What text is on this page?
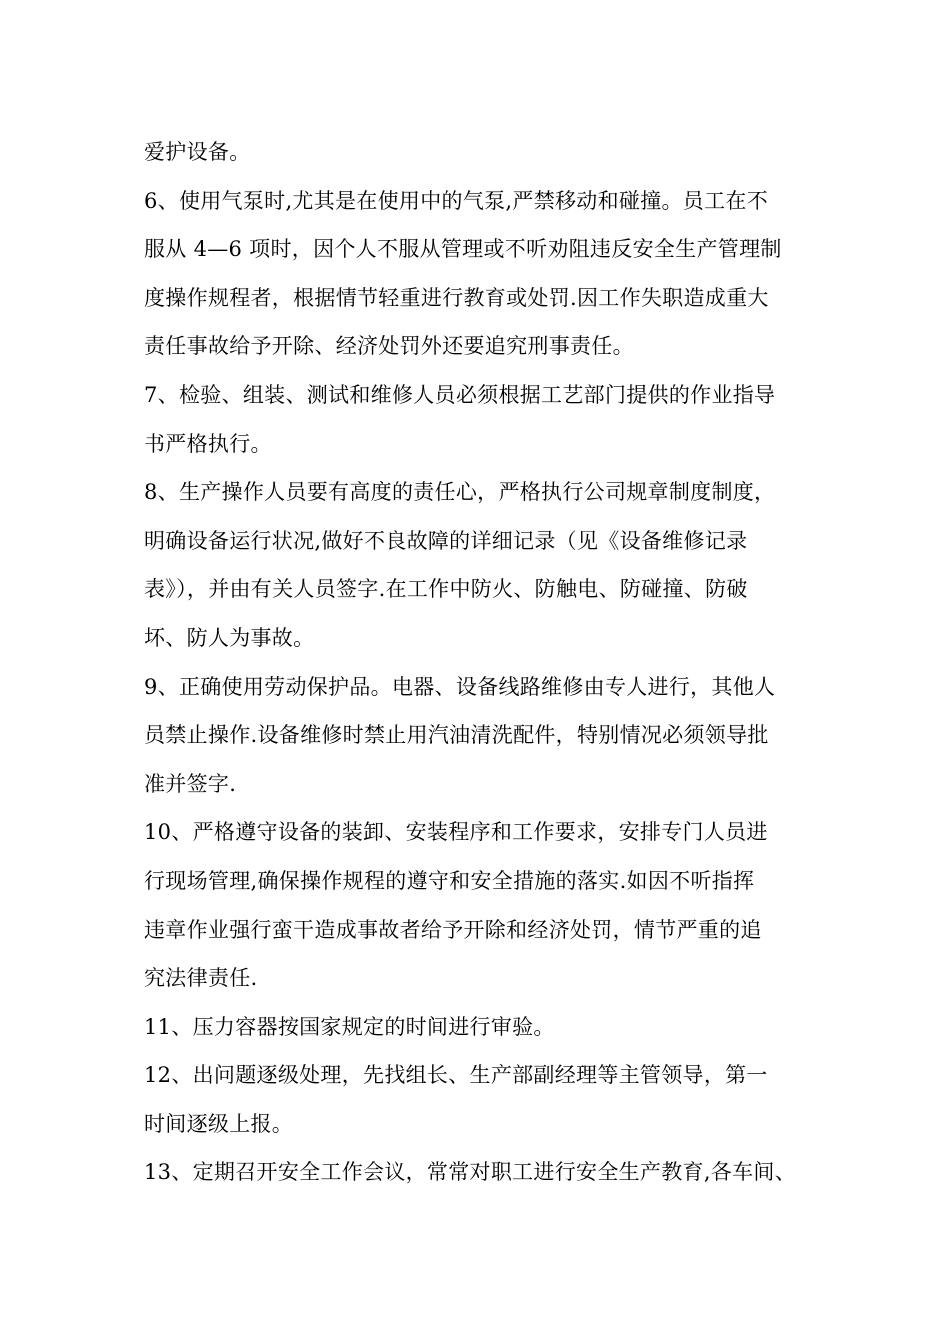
爱护设备。
6、使用气泵时,尤其是在使用中的气泵,严禁移动和碰撞。员工在不
服从 4—6 项时，因个人不服从管理或不听劝阻违反安全生产管理制
度操作规程者，根据情节轻重进行教育或处罚.因工作失职造成重大
责任事故给予开除、经济处罚外还要追究刑事责任。
7、检验、组装、测试和维修人员必须根据工艺部门提供的作业指导
书严格执行。
8、生产操作人员要有高度的责任心，严格执行公司规章制度制度，
明确设备运行状况,做好不良故障的详细记录（见《设备维修记录
表》），并由有关人员签字.在工作中防火、防触电、防碰撞、防破
坏、防人为事故。
9、正确使用劳动保护品。电器、设备线路维修由专人进行，其他人
员禁止操作.设备维修时禁止用汽油清洗配件，特别情况必须领导批
准并签字.
10、严格遵守设备的装卸、安装程序和工作要求，安排专门人员进
行现场管理,确保操作规程的遵守和安全措施的落实.如因不听指挥
违章作业强行蛮干造成事故者给予开除和经济处罚，情节严重的追
究法律责任.
11、压力容器按国家规定的时间进行审验。
12、出问题逐级处理，先找组长、生产部副经理等主管领导，第一
时间逐级上报。
13、定期召开安全工作会议，常常对职工进行安全生产教育,各车间、
